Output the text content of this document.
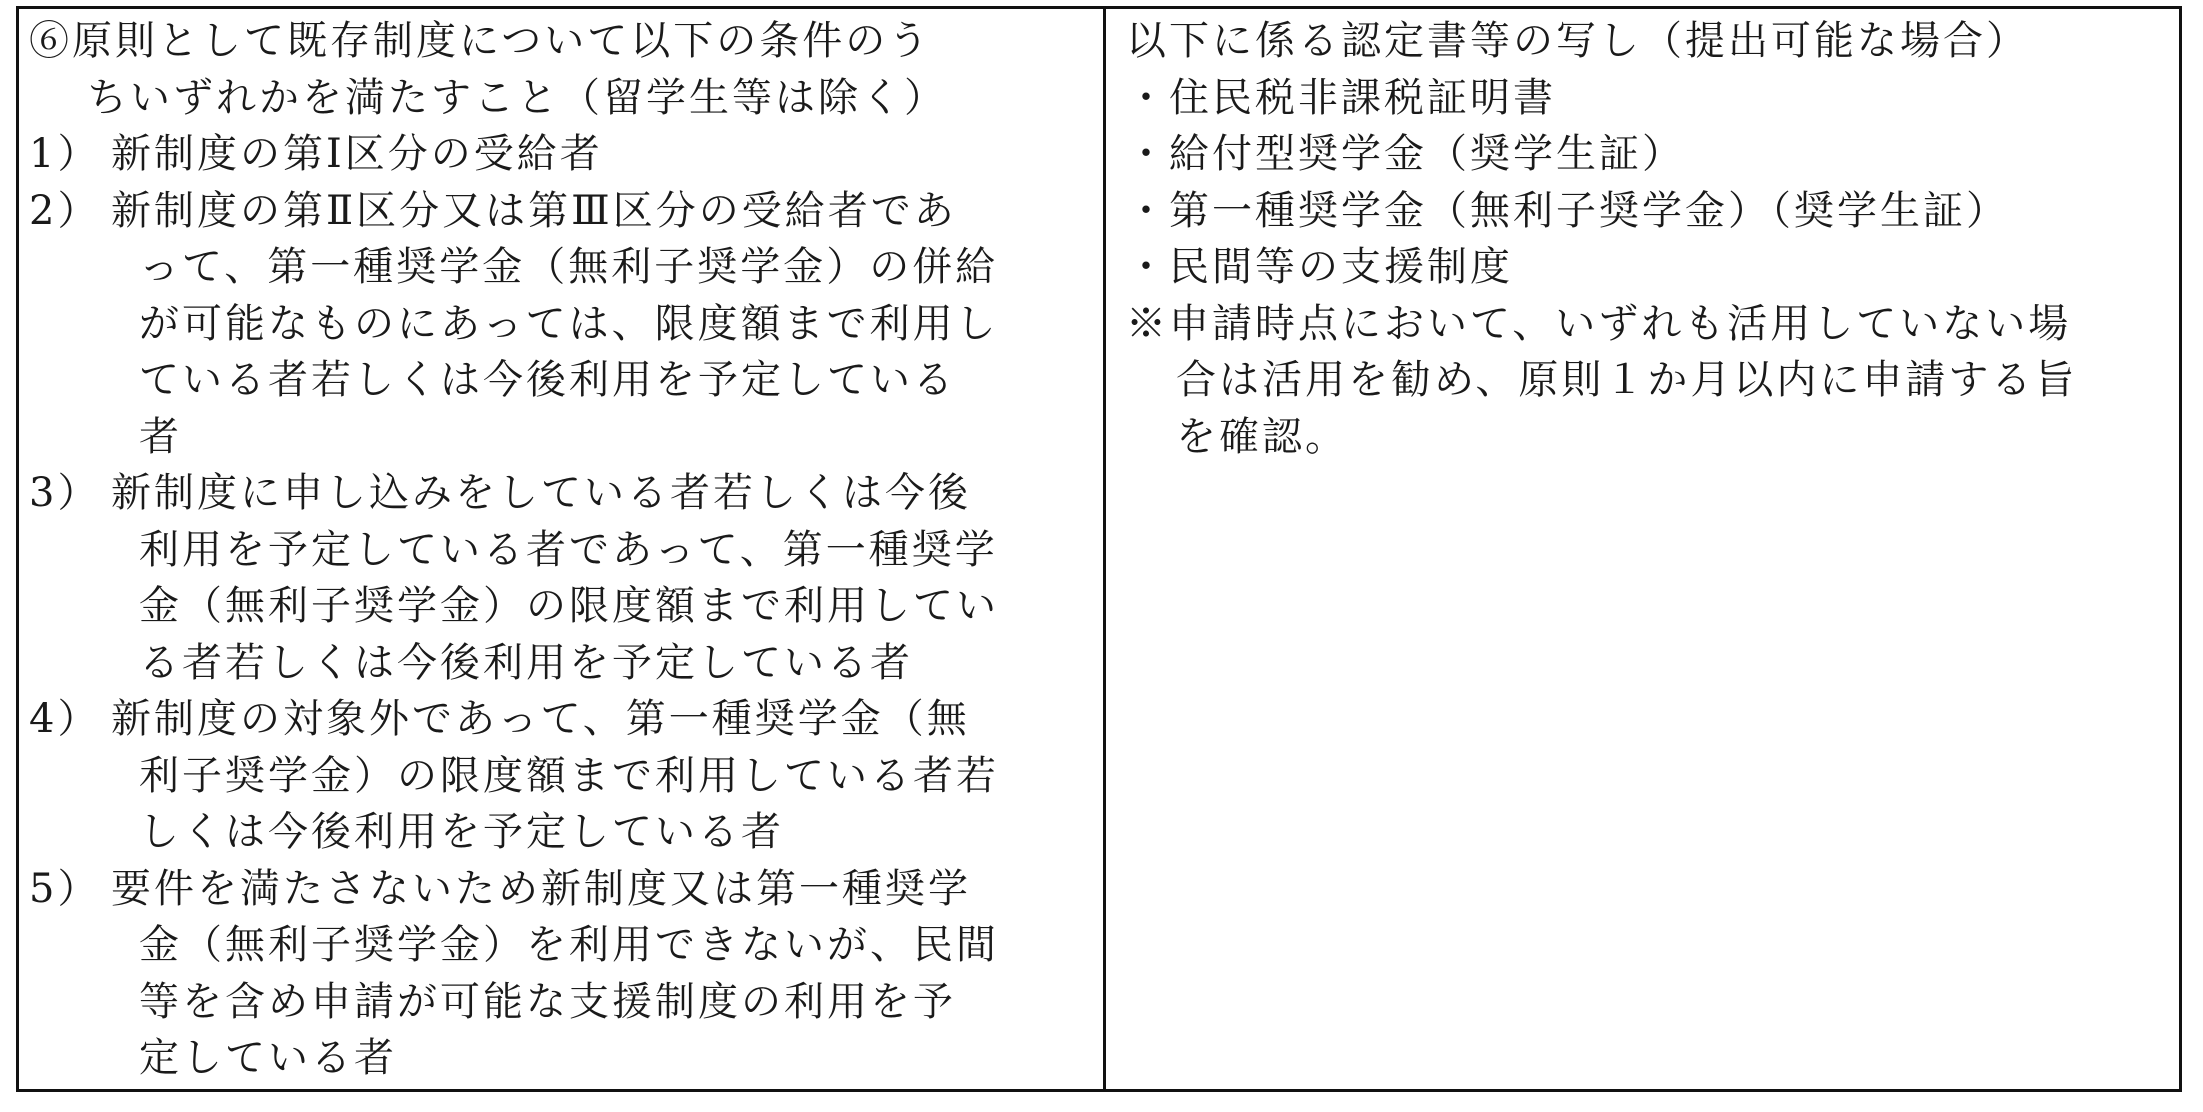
⑥原則として既存制度について以下の条件のう
ちいずれかを満たすこと（留学生等は除く）
1） 新制度の第Ⅰ区分の受給者
2） 新制度の第Ⅱ区分又は第Ⅲ区分の受給者であ
って、第一種奨学金（無利子奨学金）の併給
が可能なものにあっては、限度額まで利用し
ている者若しくは今後利用を予定している
者
3） 新制度に申し込みをしている者若しくは今後
利用を予定している者であって、第一種奨学
金（無利子奨学金）の限度額まで利用してい
る者若しくは今後利用を予定している者
4） 新制度の対象外であって、第一種奨学金（無
利子奨学金）の限度額まで利用している者若
しくは今後利用を予定している者
5） 要件を満たさないため新制度又は第一種奨学
金（無利子奨学金）を利用できないが、民間
等を含め申請が可能な支援制度の利用を予
定している者
以下に係る認定書等の写し（提出可能な場合）
・住民税非課税証明書
・給付型奨学金（奨学生証）
・第一種奨学金（無利子奨学金）（奨学生証）
・民間等の支援制度
※申請時点において、いずれも活用していない場
合は活用を勧め、原則１か月以内に申請する旨
を確認。
